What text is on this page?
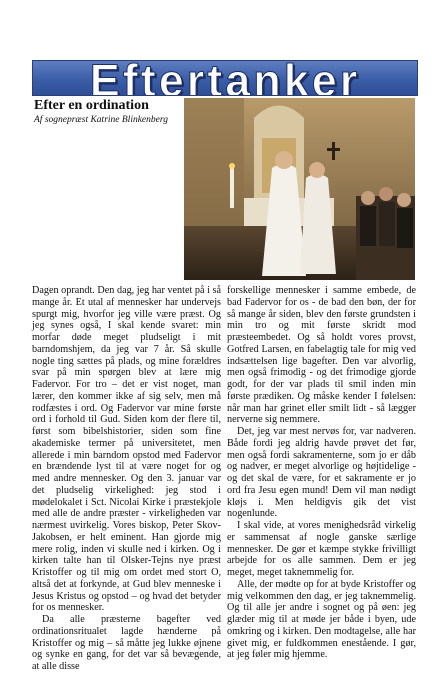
Eftertanker
Efter en ordination
Af sognepræst Katrine Blinkenberg

Dagen oprandt. Den dag, jeg har ventet på i så mange år. Et utal af mennesker har undervejs spurgt mig, hvorfor jeg ville være præst. Og jeg synes også, I skal kende svaret: min morfar døde meget pludseligt i mit barndomshjem, da jeg var 7 år. Så skulle nogle ting sættes på plads, og mine forældres svar på min spørgen blev at lære mig Fadervor. For tro – det er vist noget, man lærer, den kommer ikke af sig selv, men må rodfæstes i ord. Og Fadervor var mine første ord i forhold til Gud. Siden kom der flere til, først som bibelshistorier, siden som fine akademiske termer på universitetet, men allerede i min barndom opstod med Fadervor en brændende lyst til at være noget for og med andre mennesker. Og den 3. januar var det pludselig virkelighed: jeg stod i mødelokalet i Sct. Nicolai Kirke i præstekjole med alle de andre præster - virkeligheden var nærmest uvirkelig. Vores biskop, Peter Skov-Jakobsen, er helt eminent. Han gjorde mig mere rolig, inden vi skulle ned i kirken. Og i kirken talte han til Olsker-Tejns nye præst Kristoffer og til mig om ordet med stort O, altså det at forkynde, at Gud blev menneske i Jesus Kristus og opstod – og hvad det betyder for os mennesker.

Da alle præsterne bagefter ved ordinationsritualet lagde hænderne på Kristoffer og mig – så måtte jeg lukke øjnene og synke en gang, for det var så bevægende, at alle disse

forskellige mennesker i samme embede, de bad Fadervor for os - de bad den bøn, der for så mange år siden, blev den første grundsten i min tro og mit første skridt mod præsteembedet. Og så holdt vores provst, Gotfred Larsen, en fabelagtig tale for mig ved indsættelsen lige bagefter. Den var alvorlig, men også frimodig - og det frimodige gjorde godt, for der var plads til smil inden min første prædiken. Og måske kender I følelsen: når man har grinet eller smilt lidt - så lægger nerverne sig nemmere.

Det, jeg var mest nervøs for, var nadveren. Både fordi jeg aldrig havde prøvet det før, men også fordi sakramenterne, som jo er dåb og nadver, er meget alvorlige og højtidelige - og det skal de være, for et sakramente er jo ord fra Jesu egen mund! Dem vil man nødigt kløjs i. Men heldigvis gik det vist nogenlunde.

I skal vide, at vores menighedsråd virkelig er sammensat af nogle ganske særlige mennesker. De gør et kæmpe stykke frivilligt arbejde for os alle sammen. Dem er jeg meget, meget taknemmelig for.

Alle, der mødte op for at byde Kristoffer og mig velkommen den dag, er jeg taknemmelig. Og til alle jer andre i sognet og på øen: jeg glæder mig til at møde jer både i byen, ude omkring og i kirken. Den modtagelse, alle har givet mig, er fuldkommen enestående. I gør, at jeg føler mig hjemme.
